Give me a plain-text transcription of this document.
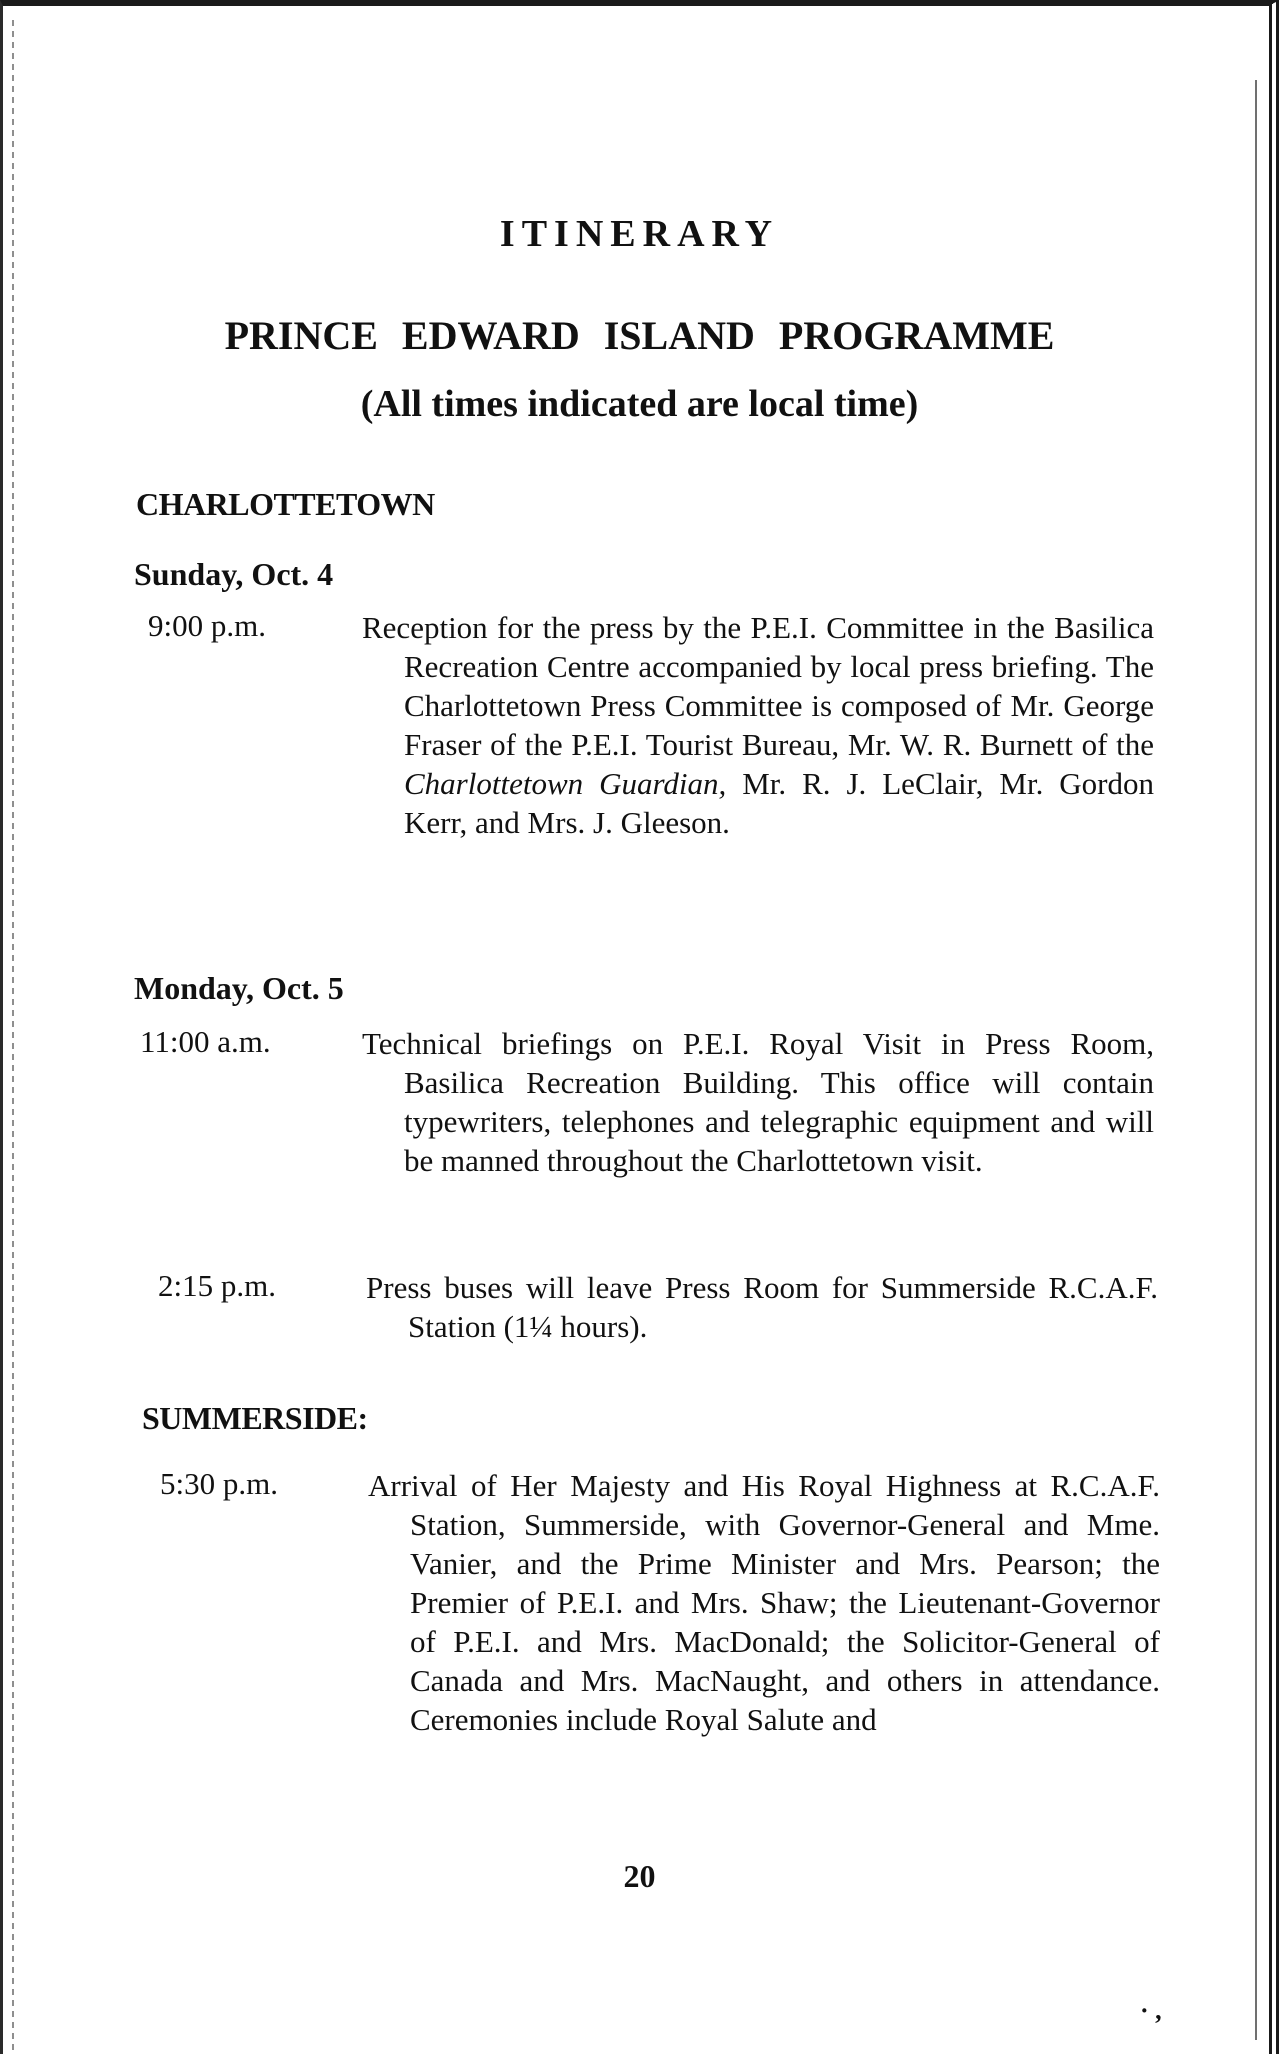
ITINERARY
PRINCE EDWARD ISLAND PROGRAMME
(All times indicated are local time)
CHARLOTTETOWN
Sunday, Oct. 4
9:00 p.m.	Reception for the press by the P.E.I. Committee in the Basilica Recreation Centre accompanied by local press briefing. The Charlottetown Press Committee is composed of Mr. George Fraser of the P.E.I. Tourist Bureau, Mr. W. R. Burnett of the Charlottetown Guardian, Mr. R. J. LeClair, Mr. Gordon Kerr, and Mrs. J. Gleeson.
Monday, Oct. 5
11:00 a.m.	Technical briefings on P.E.I. Royal Visit in Press Room, Basilica Recreation Building. This office will contain typewriters, telephones and telegraphic equipment and will be manned throughout the Charlottetown visit.
2:15 p.m.	Press buses will leave Press Room for Summerside R.C.A.F. Station (1¼ hours).
SUMMERSIDE:
5:30 p.m.	Arrival of Her Majesty and His Royal Highness at R.C.A.F. Station, Summerside, with Governor-General and Mme. Vanier, and the Prime Minister and Mrs. Pearson; the Premier of P.E.I. and Mrs. Shaw; the Lieutenant-Governor of P.E.I. and Mrs. MacDonald; the Solicitor-General of Canada and Mrs. MacNaught, and others in attendance. Ceremonies include Royal Salute and
20
· ,
